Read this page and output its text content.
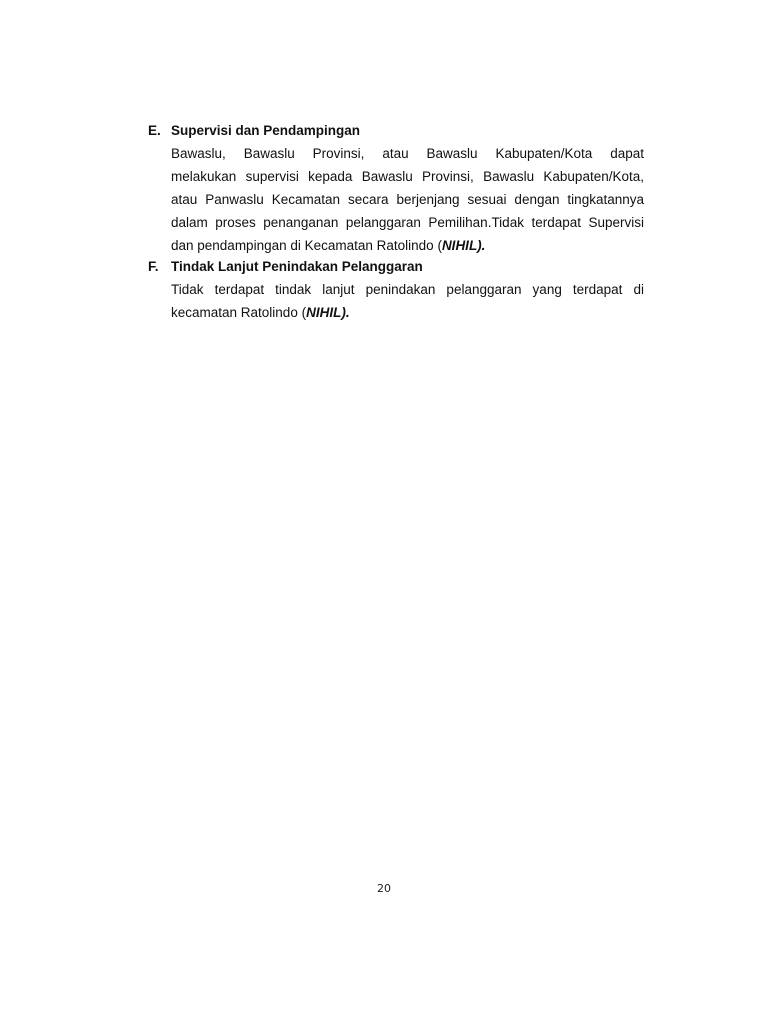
E. Supervisi dan Pendampingan
Bawaslu, Bawaslu Provinsi, atau Bawaslu Kabupaten/Kota dapat
melakukan supervisi kepada Bawaslu Provinsi, Bawaslu Kabupaten/Kota,
atau Panwaslu Kecamatan secara berjenjang sesuai dengan tingkatannya
dalam proses penanganan pelanggaran Pemilihan.Tidak terdapat Supervisi
dan pendampingan di Kecamatan Ratolindo (NIHIL).
F. Tindak Lanjut Penindakan Pelanggaran
Tidak terdapat tindak lanjut penindakan pelanggaran yang terdapat di
kecamatan Ratolindo (NIHIL).
20
